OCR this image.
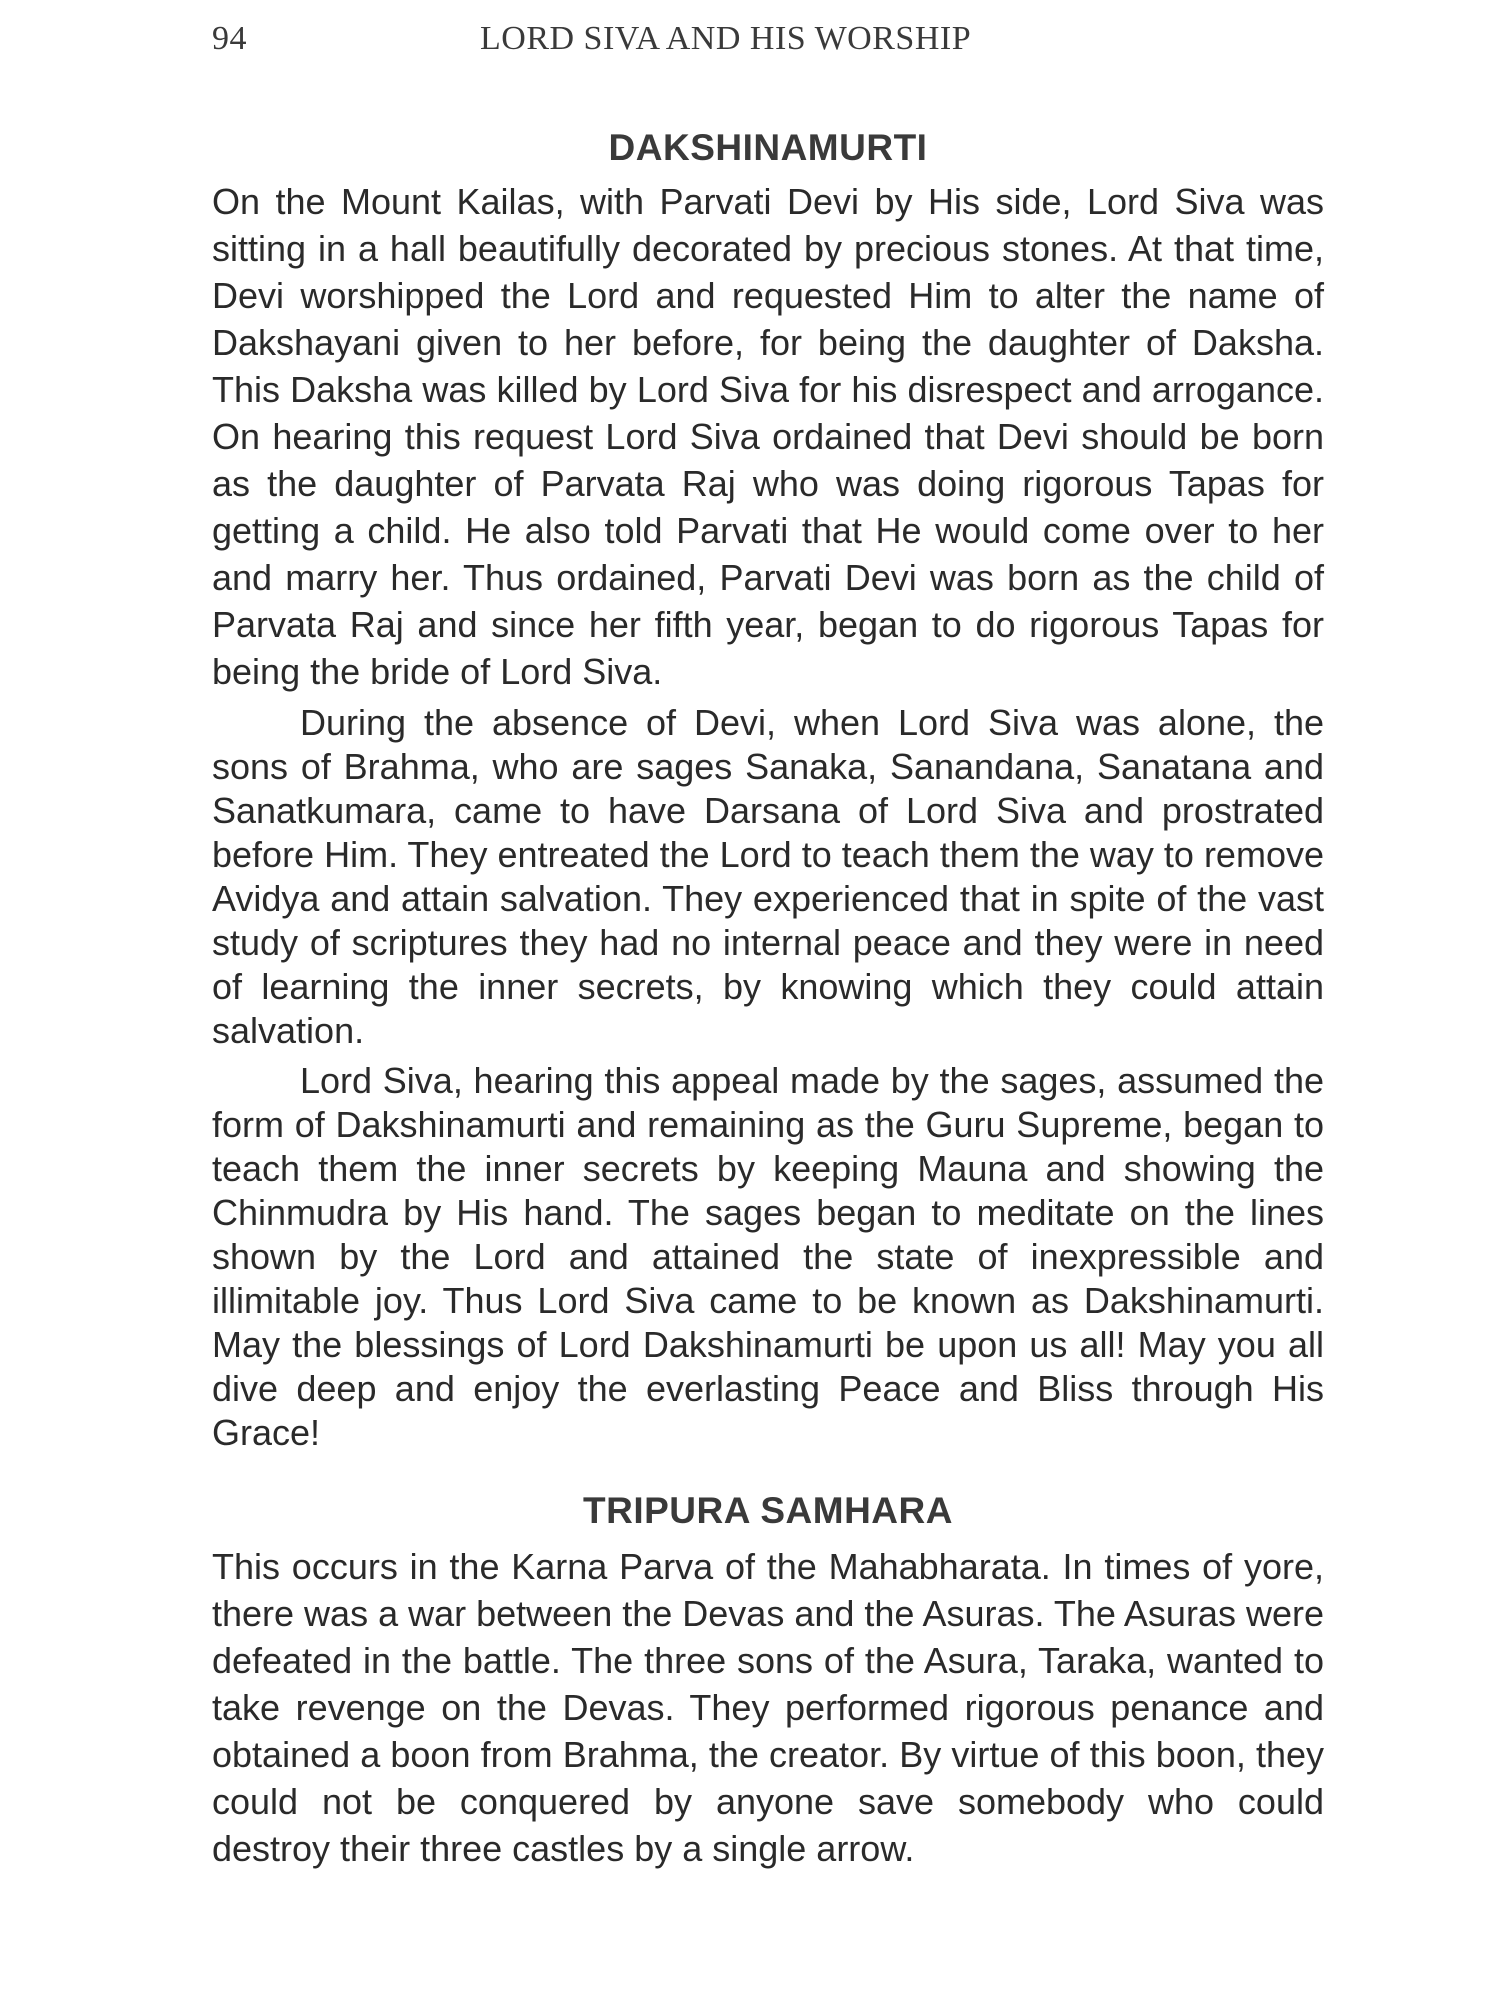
94	LORD SIVA AND HIS WORSHIP
DAKSHINAMURTI

On the Mount Kailas, with Parvati Devi by His side, Lord Siva was sitting in a hall beautifully decorated by precious stones. At that time, Devi worshipped the Lord and requested Him to alter the name of Dakshayani given to her before, for being the daughter of Daksha. This Daksha was killed by Lord Siva for his disrespect and arrogance. On hearing this request Lord Siva ordained that Devi should be born as the daughter of Parvata Raj who was doing rigorous Tapas for getting a child. He also told Parvati that He would come over to her and marry her. Thus ordained, Parvati Devi was born as the child of Parvata Raj and since her fifth year, began to do rigorous Tapas for being the bride of Lord Siva.

During the absence of Devi, when Lord Siva was alone, the sons of Brahma, who are sages Sanaka, Sanandana, Sanatana and Sanatkumara, came to have Darsana of Lord Siva and prostrated before Him. They entreated the Lord to teach them the way to remove Avidya and attain salvation. They experienced that in spite of the vast study of scriptures they had no internal peace and they were in need of learning the inner secrets, by knowing which they could attain salvation.

Lord Siva, hearing this appeal made by the sages, assumed the form of Dakshinamurti and remaining as the Guru Supreme, began to teach them the inner secrets by keeping Mauna and showing the Chinmudra by His hand. The sages began to meditate on the lines shown by the Lord and attained the state of inexpressible and illimitable joy. Thus Lord Siva came to be known as Dakshinamurti. May the blessings of Lord Dakshinamurti be upon us all! May you all dive deep and enjoy the everlasting Peace and Bliss through His Grace!

TRIPURA SAMHARA

This occurs in the Karna Parva of the Mahabharata. In times of yore, there was a war between the Devas and the Asuras. The Asuras were defeated in the battle. The three sons of the Asura, Taraka, wanted to take revenge on the Devas. They performed rigorous penance and obtained a boon from Brahma, the creator. By virtue of this boon, they could not be conquered by anyone save somebody who could destroy their three castles by a single arrow.
